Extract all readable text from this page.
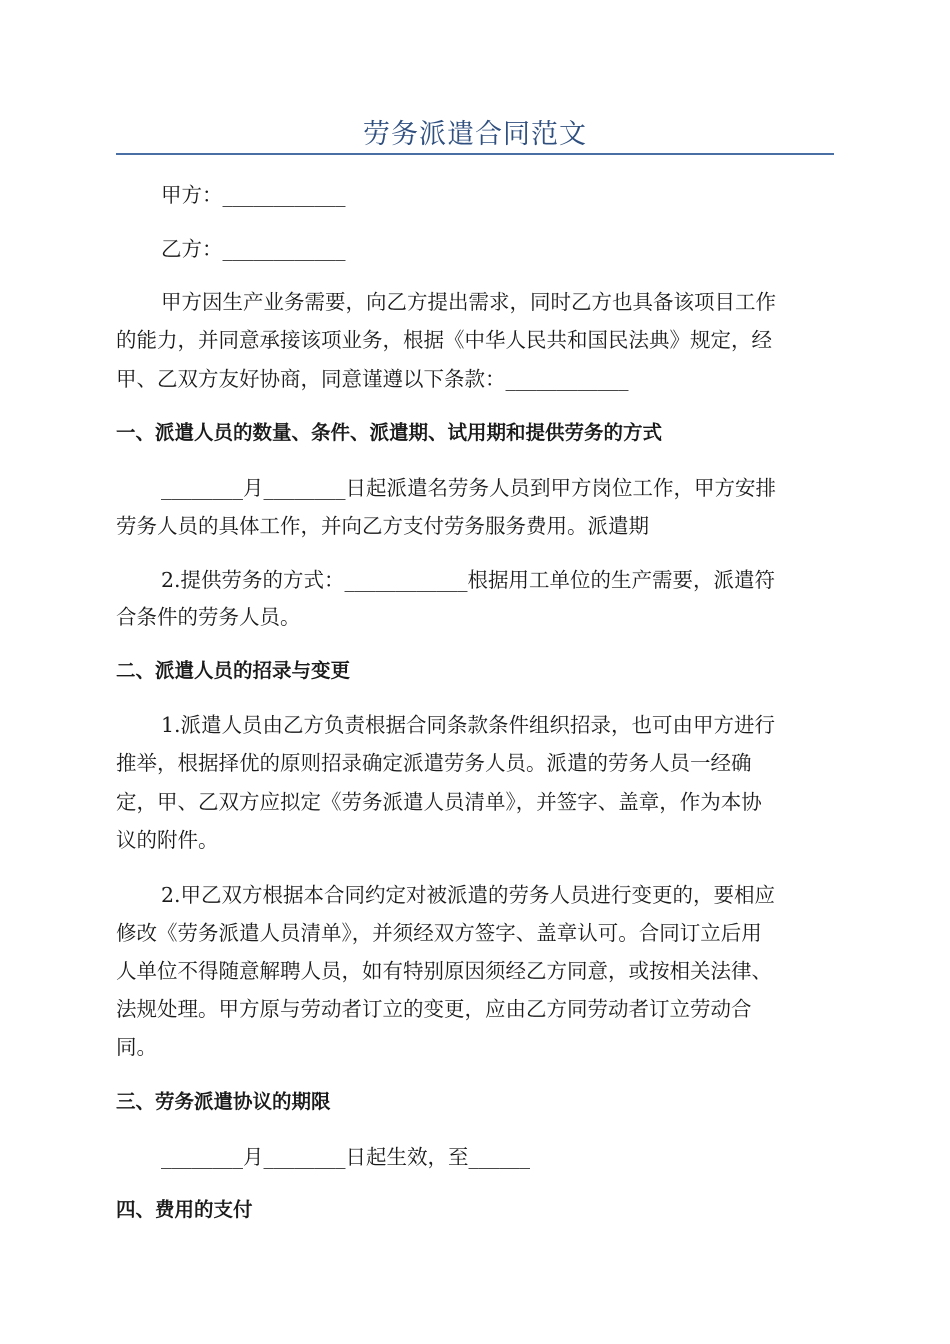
劳务派遣合同范文
甲方：____________
乙方：____________
甲方因生产业务需要，向乙方提出需求，同时乙方也具备该项目工作
的能力，并同意承接该项业务，根据《中华人民共和国民法典》规定，经
甲、乙双方友好协商，同意谨遵以下条款：____________
一、派遣人员的数量、条件、派遣期、试用期和提供劳务的方式
________月________日起派遣名劳务人员到甲方岗位工作，甲方安排
劳务人员的具体工作，并向乙方支付劳务服务费用。派遣期
2.提供劳务的方式：____________根据用工单位的生产需要，派遣符
合条件的劳务人员。
二、派遣人员的招录与变更
1.派遣人员由乙方负责根据合同条款条件组织招录，也可由甲方进行
推举，根据择优的原则招录确定派遣劳务人员。派遣的劳务人员一经确
定，甲、乙双方应拟定《劳务派遣人员清单》，并签字、盖章，作为本协
议的附件。
2.甲乙双方根据本合同约定对被派遣的劳务人员进行变更的，要相应
修改《劳务派遣人员清单》，并须经双方签字、盖章认可。合同订立后用
人单位不得随意解聘人员，如有特别原因须经乙方同意，或按相关法律、
法规处理。甲方原与劳动者订立的变更，应由乙方同劳动者订立劳动合
同。
三、劳务派遣协议的期限
________月________日起生效，至______
四、费用的支付
